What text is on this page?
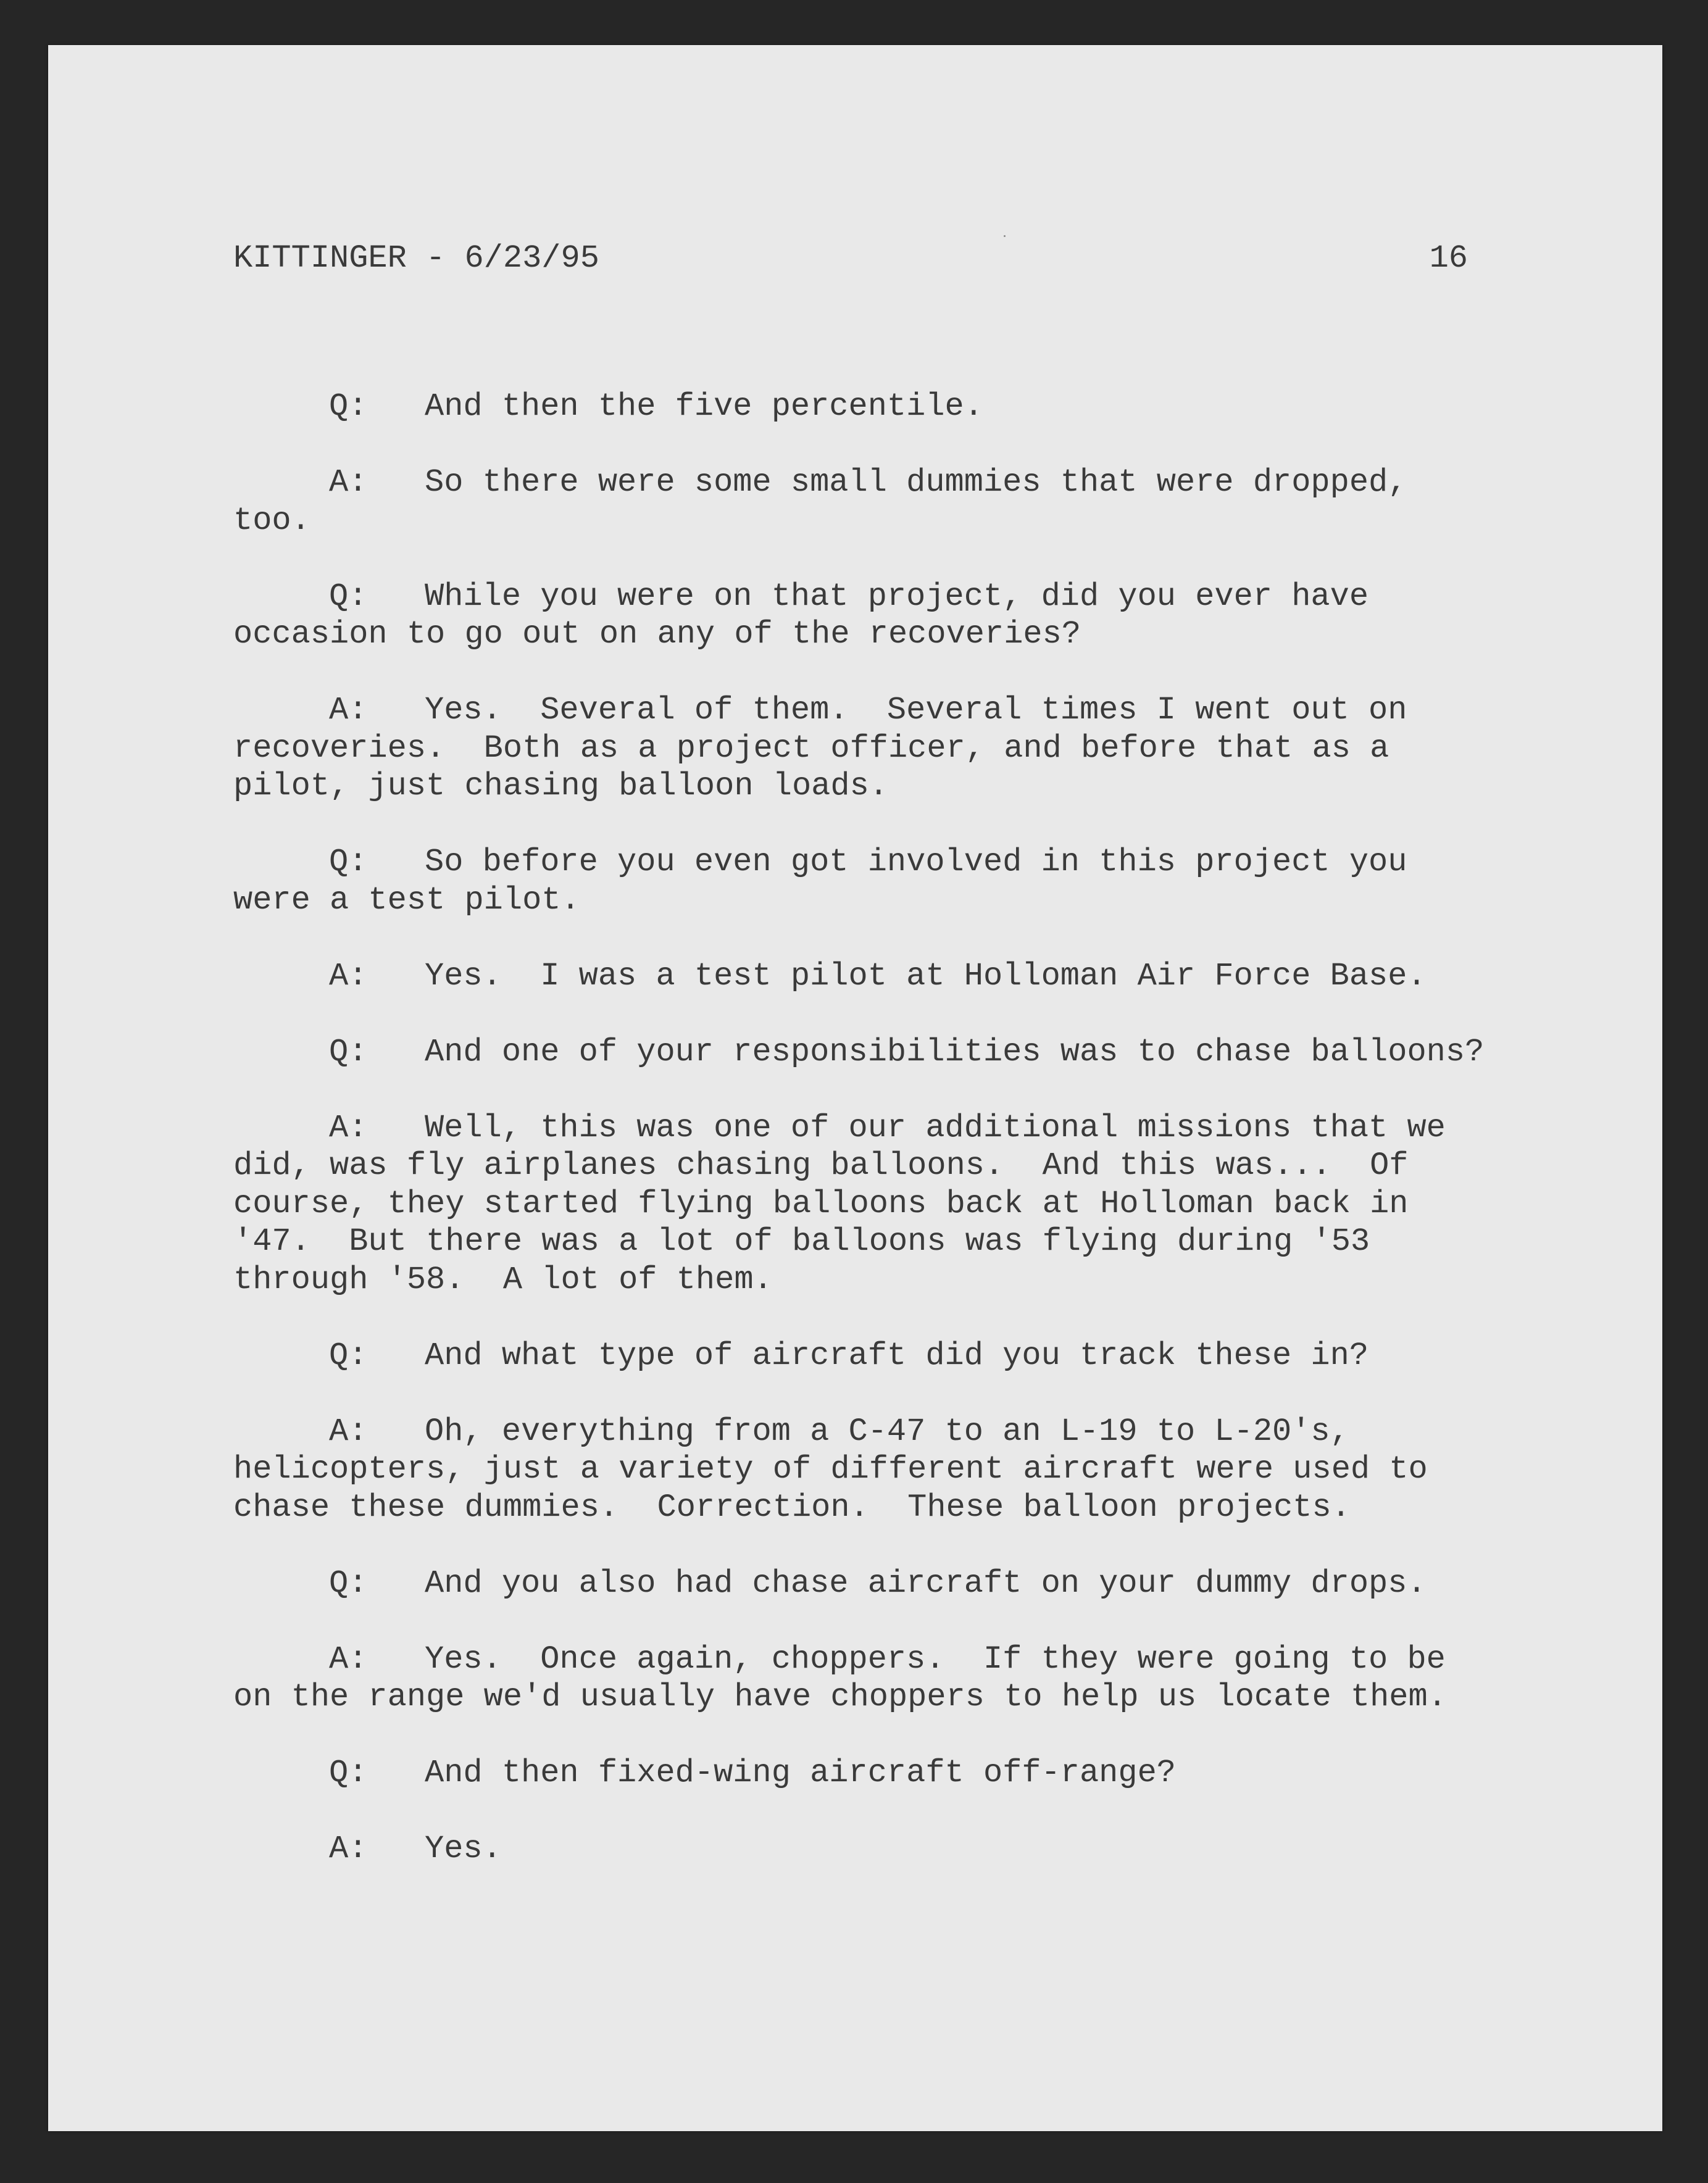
KITTINGER - 6/23/95	16
Q: And then the five percentile.
A: So there were some small dummies that were dropped,
too.
Q: While you were on that project, did you ever have
occasion to go out on any of the recoveries?
A: Yes.  Several of them.  Several times I went out on
recoveries.  Both as a project officer, and before that as a
pilot, just chasing balloon loads.
Q: So before you even got involved in this project you
were a test pilot.
A: Yes.  I was a test pilot at Holloman Air Force Base.
Q: And one of your responsibilities was to chase balloons?
A: Well, this was one of our additional missions that we
did, was fly airplanes chasing balloons.  And this was...  Of
course, they started flying balloons back at Holloman back in
'47.  But there was a lot of balloons was flying during '53
through '58.  A lot of them.
Q: And what type of aircraft did you track these in?
A: Oh, everything from a C-47 to an L-19 to L-20's,
helicopters, just a variety of different aircraft were used to
chase these dummies.  Correction.  These balloon projects.
Q: And you also had chase aircraft on your dummy drops.
A: Yes.  Once again, choppers.  If they were going to be
on the range we'd usually have choppers to help us locate them.
Q: And then fixed-wing aircraft off-range?
A: Yes.
